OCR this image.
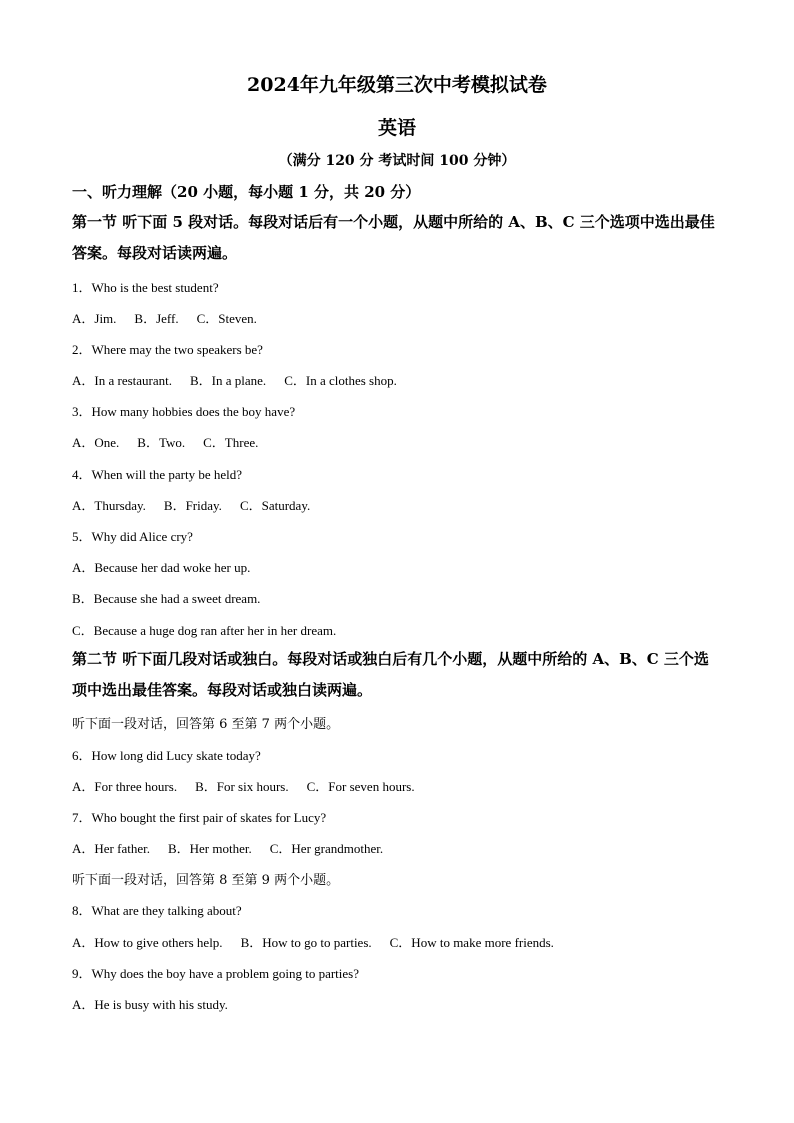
2024年九年级第三次中考模拟试卷
英语
（满分 120 分 考试时间 100 分钟）
一、听力理解（20 小题，每小题 1 分，共 20 分）
第一节 听下面 5 段对话。每段对话后有一个小题，从题中所给的 A、B、C 三个选项中选出最佳答案。每段对话读两遍。
1．Who is the best student?
A．Jim. B．Jeff. C．Steven.
2．Where may the two speakers be?
A．In a restaurant. B．In a plane. C．In a clothes shop.
3．How many hobbies does the boy have?
A．One. B．Two. C．Three.
4．When will the party be held?
A．Thursday. B．Friday. C．Saturday.
5．Why did Alice cry?
A．Because her dad woke her up.
B．Because she had a sweet dream.
C．Because a huge dog ran after her in her dream.
第二节 听下面几段对话或独白。每段对话或独白后有几个小题，从题中所给的 A、B、C 三个选项中选出最佳答案。每段对话或独白读两遍。
听下面一段对话，回答第 6 至第 7 两个小题。
6．How long did Lucy skate today?
A．For three hours. B．For six hours. C．For seven hours.
7．Who bought the first pair of skates for Lucy?
A．Her father. B．Her mother. C．Her grandmother.
听下面一段对话，回答第 8 至第 9 两个小题。
8．What are they talking about?
A．How to give others help. B．How to go to parties. C．How to make more friends.
9．Why does the boy have a problem going to parties?
A．He is busy with his study.
